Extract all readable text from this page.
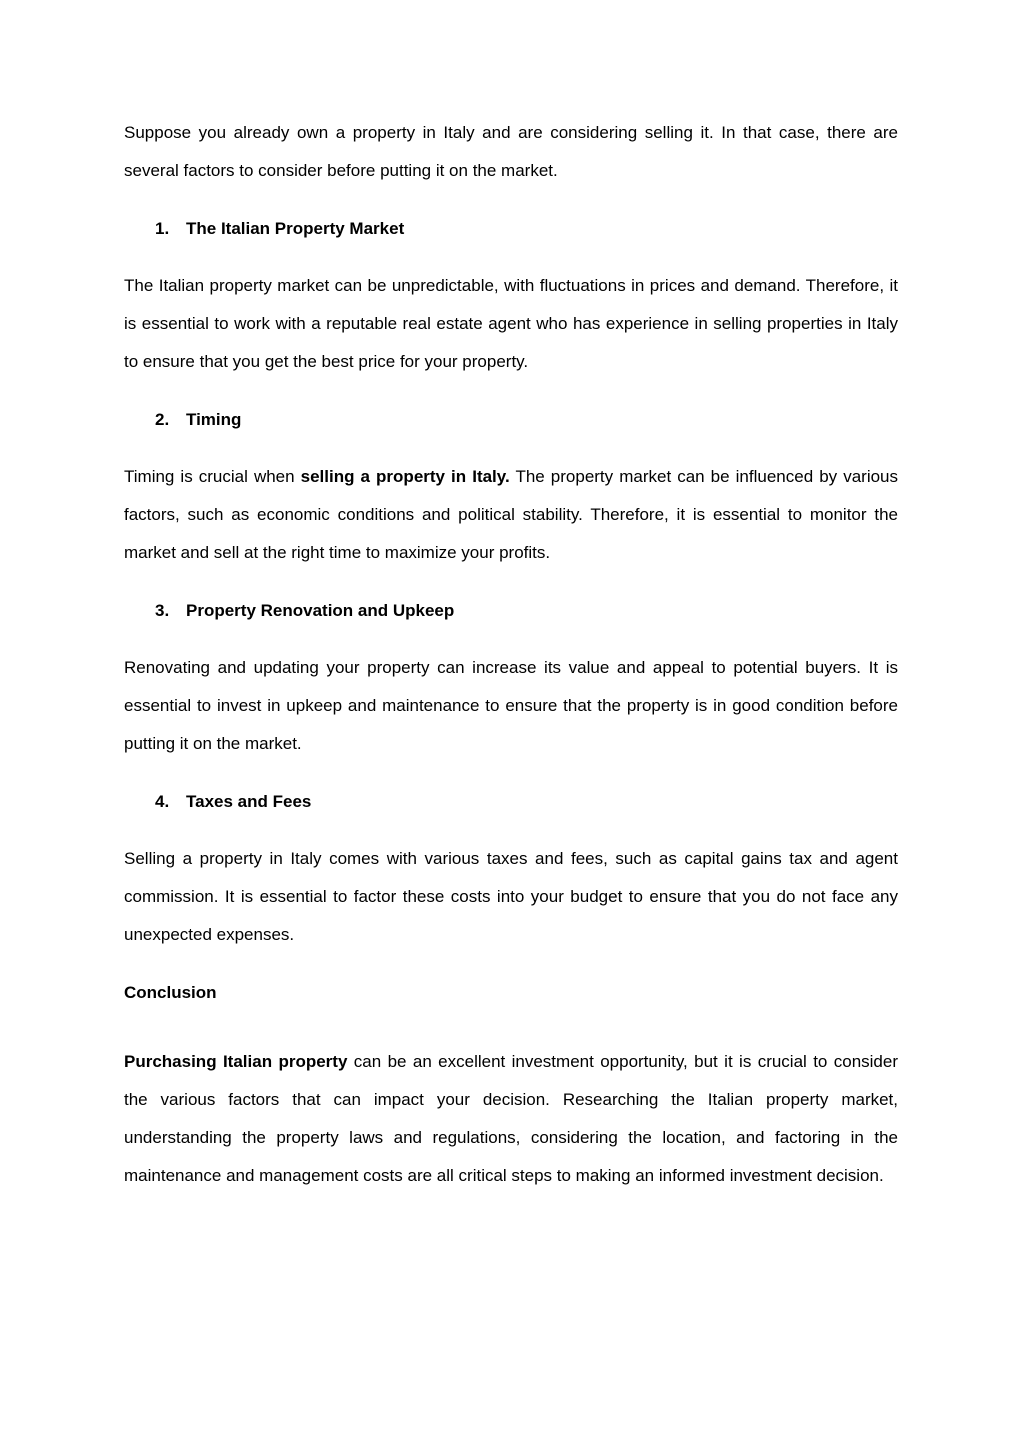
Suppose you already own a property in Italy and are considering selling it. In that case, there are several factors to consider before putting it on the market.

1. The Italian Property Market

The Italian property market can be unpredictable, with fluctuations in prices and demand. Therefore, it is essential to work with a reputable real estate agent who has experience in selling properties in Italy to ensure that you get the best price for your property.

2. Timing

Timing is crucial when selling a property in Italy. The property market can be influenced by various factors, such as economic conditions and political stability. Therefore, it is essential to monitor the market and sell at the right time to maximize your profits.

3. Property Renovation and Upkeep

Renovating and updating your property can increase its value and appeal to potential buyers. It is essential to invest in upkeep and maintenance to ensure that the property is in good condition before putting it on the market.

4. Taxes and Fees

Selling a property in Italy comes with various taxes and fees, such as capital gains tax and agent commission. It is essential to factor these costs into your budget to ensure that you do not face any unexpected expenses.

Conclusion

Purchasing Italian property can be an excellent investment opportunity, but it is crucial to consider the various factors that can impact your decision. Researching the Italian property market, understanding the property laws and regulations, considering the location, and factoring in the maintenance and management costs are all critical steps to making an informed investment decision.
